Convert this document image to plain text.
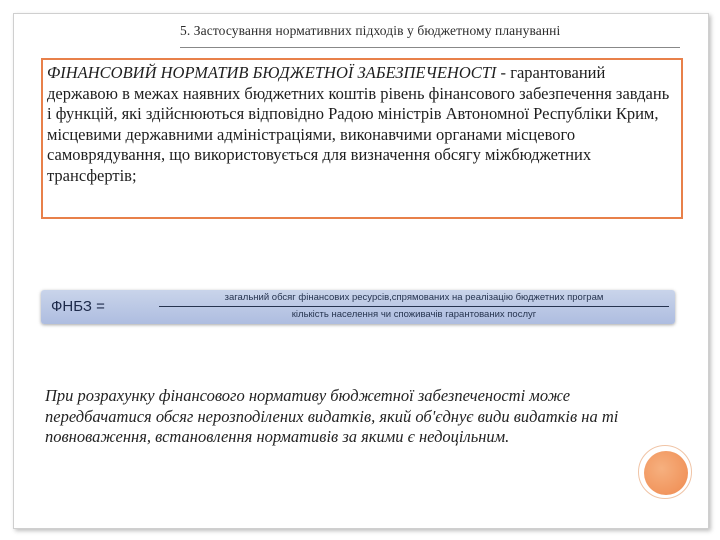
5. Застосування нормативних підходів у бюджетному плануванні
ФІНАНСОВИЙ НОРМАТИВ БЮДЖЕТНОЇ ЗАБЕЗПЕЧЕНОСТІ - гарантований державою в межах наявних бюджетних коштів рівень фінансового забезпечення завдань і функцій, які здійснюються відповідно Радою міністрів Автономної Республіки Крим, місцевими державними адміністраціями, виконавчими органами місцевого самоврядування, що використовується для визначення обсягу міжбюджетних трансфертів;
ФНБЗ =
загальний обсяг фінансових ресурсів,спрямованих на реалізацію бюджетних програм
кількість населення чи споживачів гарантованих послуг
При розрахунку фінансового нормативу бюджетної забезпеченості може передбачатися обсяг нерозподілених видатків, який об'єднує види видатків на ті повноваження, встановлення нормативів за якими є недоцільним.
